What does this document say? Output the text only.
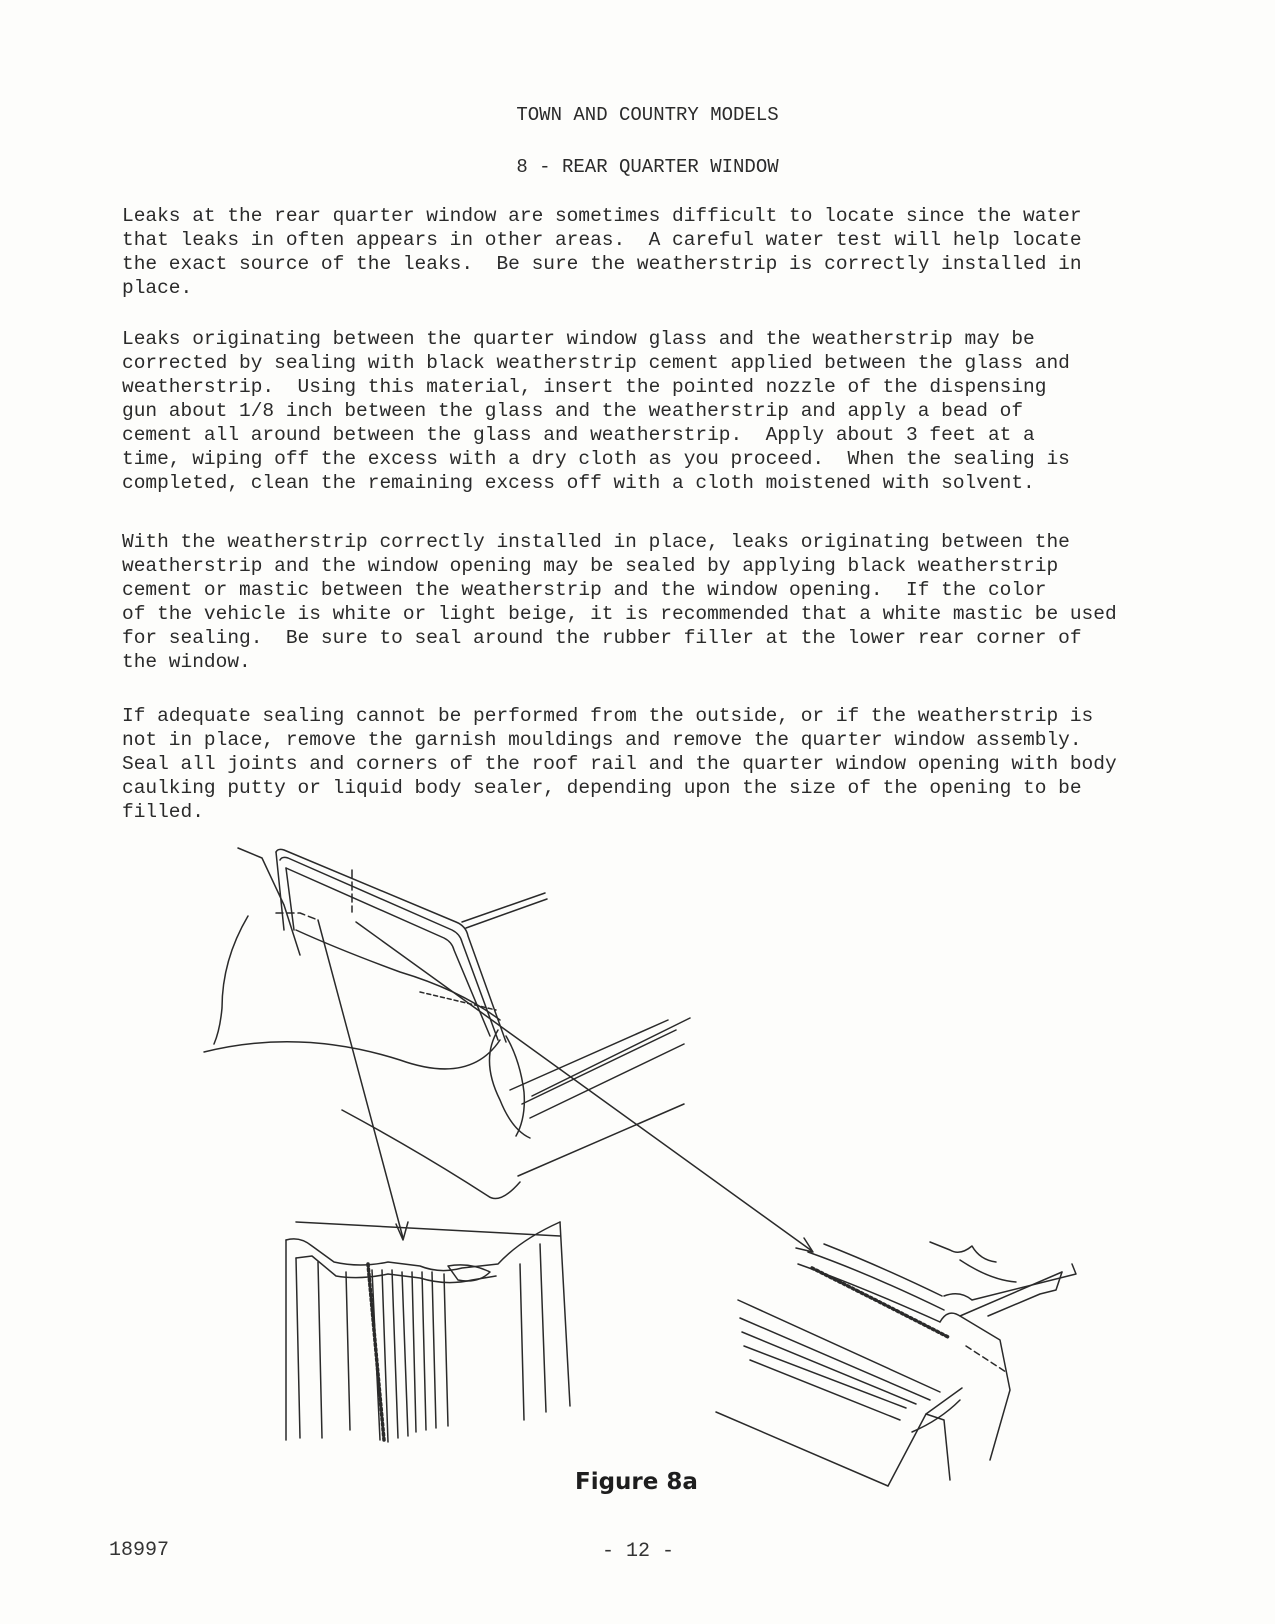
TOWN AND COUNTRY MODELS
8 - REAR QUARTER WINDOW
Leaks at the rear quarter window are sometimes difficult to locate since the water
that leaks in often appears in other areas.  A careful water test will help locate
the exact source of the leaks.  Be sure the weatherstrip is correctly installed in
place.
Leaks originating between the quarter window glass and the weatherstrip may be
corrected by sealing with black weatherstrip cement applied between the glass and
weatherstrip.  Using this material, insert the pointed nozzle of the dispensing
gun about 1/8 inch between the glass and the weatherstrip and apply a bead of
cement all around between the glass and weatherstrip.  Apply about 3 feet at a
time, wiping off the excess with a dry cloth as you proceed.  When the sealing is
completed, clean the remaining excess off with a cloth moistened with solvent.
With the weatherstrip correctly installed in place, leaks originating between the
weatherstrip and the window opening may be sealed by applying black weatherstrip
cement or mastic between the weatherstrip and the window opening.  If the color
of the vehicle is white or light beige, it is recommended that a white mastic be used
for sealing.  Be sure to seal around the rubber filler at the lower rear corner of
the window.
If adequate sealing cannot be performed from the outside, or if the weatherstrip is
not in place, remove the garnish mouldings and remove the quarter window assembly.
Seal all joints and corners of the roof rail and the quarter window opening with body
caulking putty or liquid body sealer, depending upon the size of the opening to be
filled.
Figure 8a
18997	- 12 -
